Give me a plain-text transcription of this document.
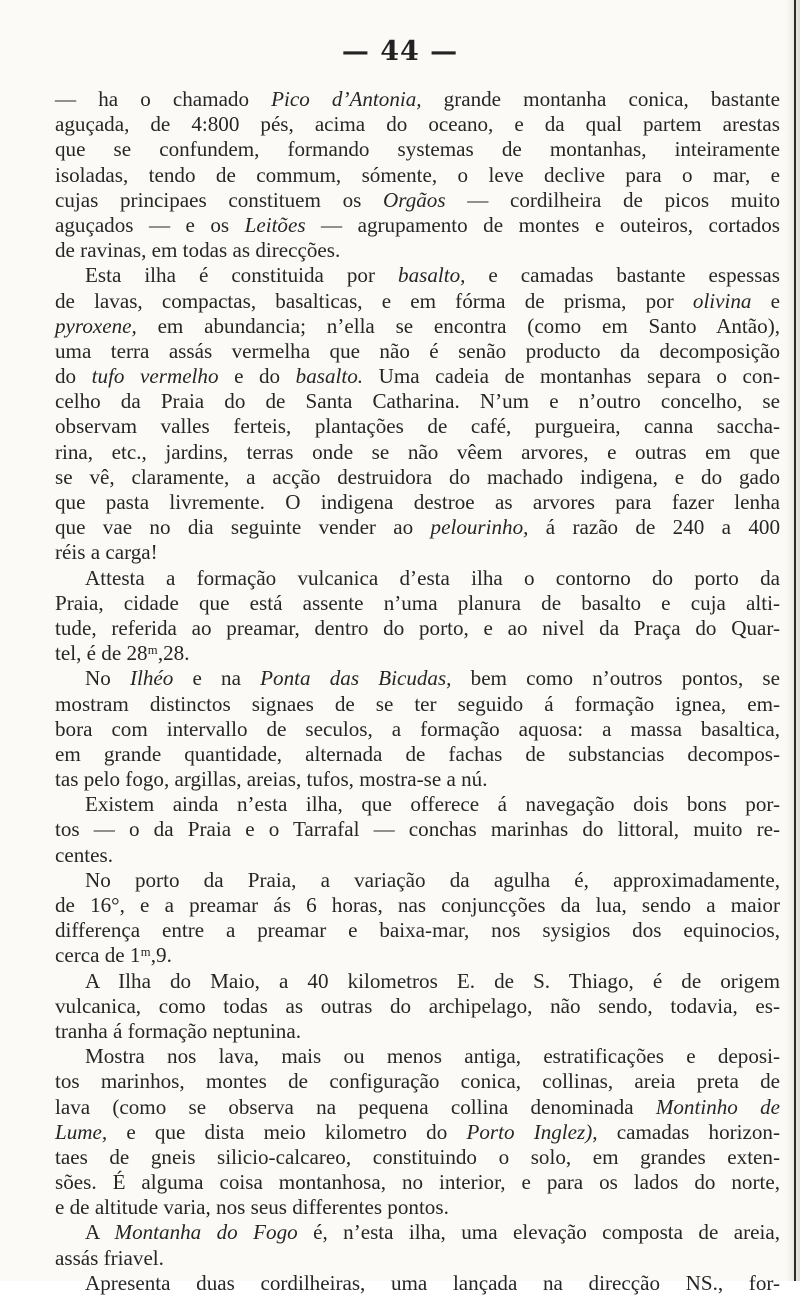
— 44 —
— ha o chamado Pico d’Antonia, grande montanha conica, bastante
aguçada, de 4:800 pés, acima do oceano, e da qual partem arestas
que se confundem, formando systemas de montanhas, inteiramente
isoladas, tendo de commum, sómente, o leve declive para o mar, e
cujas principaes constituem os Orgãos — cordilheira de picos muito
aguçados — e os Leitões — agrupamento de montes e outeiros, cortados
de ravinas, em todas as direcções.
Esta ilha é constituida por basalto, e camadas bastante espessas
de lavas, compactas, basalticas, e em fórma de prisma, por olivina e
pyroxene, em abundancia; n’ella se encontra (como em Santo Antão),
uma terra assás vermelha que não é senão producto da decomposição
do tufo vermelho e do basalto. Uma cadeia de montanhas separa o con-
celho da Praia do de Santa Catharina. N’um e n’outro concelho, se
observam valles ferteis, plantações de café, purgueira, canna saccha-
rina, etc., jardins, terras onde se não vêem arvores, e outras em que
se vê, claramente, a acção destruidora do machado indigena, e do gado
que pasta livremente. O indigena destroe as arvores para fazer lenha
que vae no dia seguinte vender ao pelourinho, á razão de 240 a 400
réis a carga!
Attesta a formação vulcanica d’esta ilha o contorno do porto da
Praia, cidade que está assente n’uma planura de basalto e cuja alti-
tude, referida ao preamar, dentro do porto, e ao nivel da Praça do Quar-
tel, é de 28ᵐ,28.
No Ilhéo e na Ponta das Bicudas, bem como n’outros pontos, se
mostram distinctos signaes de se ter seguido á formação ignea, em-
bora com intervallo de seculos, a formação aquosa: a massa basaltica,
em grande quantidade, alternada de fachas de substancias decompos-
tas pelo fogo, argillas, areias, tufos, mostra-se a nú.
Existem ainda n’esta ilha, que offerece á navegação dois bons por-
tos — o da Praia e o Tarrafal — conchas marinhas do littoral, muito re-
centes.
No porto da Praia, a variação da agulha é, approximadamente,
de 16°, e a preamar ás 6 horas, nas conjuncções da lua, sendo a maior
differença entre a preamar e baixa-mar, nos sysigios dos equinocios,
cerca de 1ᵐ,9.
A Ilha do Maio, a 40 kilometros E. de S. Thiago, é de origem
vulcanica, como todas as outras do archipelago, não sendo, todavia, es-
tranha á formação neptunina.
Mostra nos lava, mais ou menos antiga, estratificações e deposi-
tos marinhos, montes de configuração conica, collinas, areia preta de
lava (como se observa na pequena collina denominada Montinho de
Lume, e que dista meio kilometro do Porto Inglez), camadas horizon-
taes de gneis silicio-calcareo, constituindo o solo, em grandes exten-
sões. É alguma coisa montanhosa, no interior, e para os lados do norte,
e de altitude varia, nos seus differentes pontos.
A Montanha do Fogo é, n’esta ilha, uma elevação composta de areia,
assás friavel.
Apresenta duas cordilheiras, uma lançada na direcção NS., for-
